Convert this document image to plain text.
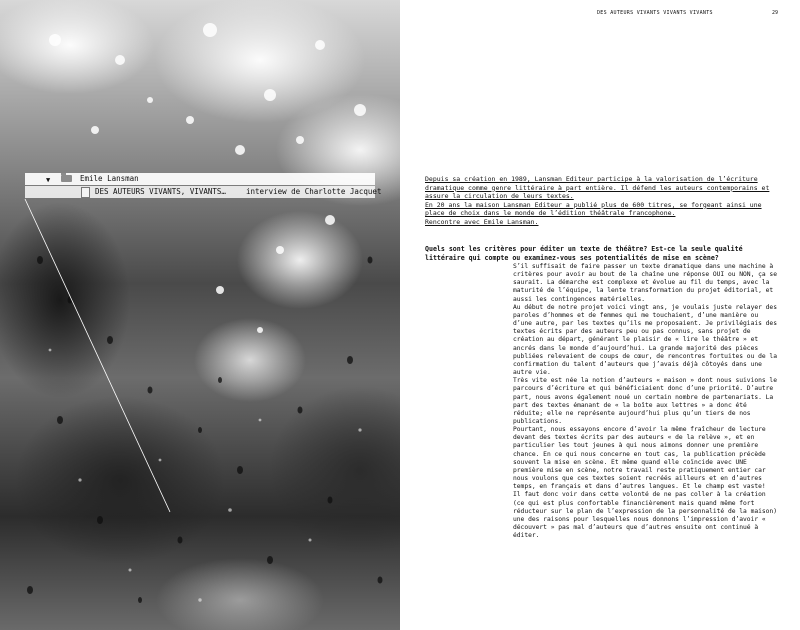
▼	Emile Lansman
DES AUTEURS VIVANTS, VIVANTS…	interview de Charlotte Jacquet
DES AUTEURS VIVANTS VIVANTS VIVANTS	29

Depuis sa création en 1989, Lansman Editeur participe à la valorisation de l’écriture dramatique comme genre littéraire à part entière. Il défend les auteurs contemporains et assure la circulation de leurs textes.

En 20 ans la maison Lansman Editeur a publié plus de 600 titres, se forgeant ainsi une place de choix dans le monde de l’édition théâtrale francophone.

Rencontre avec Emile Lansman.

Quels sont les critères pour éditer un texte de théâtre? Est-ce la seule qualité littéraire qui compte ou examinez-vous ses potentialités de mise en scène?

S’il suffisait de faire passer un texte dramatique dans une machine à critères pour avoir au bout de la chaîne une réponse OUI ou NON, ça se saurait. La démarche est complexe et évolue au fil du temps, avec la maturité de l’équipe, la lente transformation du projet éditorial, et aussi les contingences matérielles.

Au début de notre projet voici vingt ans, je voulais juste relayer des paroles d’hommes et de femmes qui me touchaient, d’une manière ou d’une autre, par les textes qu’ils me proposaient. Je privilégiais des textes écrits par des auteurs peu ou pas connus, sans projet de création au départ, générant le plaisir de « lire le théâtre » et ancrés dans le monde d’aujourd’hui. La grande majorité des pièces publiées relevaient de coups de cœur, de rencontres fortuites ou de la confirmation du talent d’auteurs que j’avais déjà côtoyés dans une autre vie.

Très vite est née la notion d’auteurs « maison » dont nous suivions le parcours d’écriture et qui bénéficiaient donc d’une priorité. D’autre part, nous avons également noué un certain nombre de partenariats. La part des textes émanant de « la boîte aux lettres » a donc été réduite; elle ne représente aujourd’hui plus qu’un tiers de nos publications.

Pourtant, nous essayons encore d’avoir la même fraîcheur de lecture devant des textes écrits par des auteurs « de la relève », et en particulier les tout jeunes à qui nous aimons donner une première chance. En ce qui nous concerne en tout cas, la publication précède souvent la mise en scène. Et même quand elle coïncide avec UNE première mise en scène, notre travail reste pratiquement entier car nous voulons que ces textes soient recréés ailleurs et en d’autres temps, en français et dans d’autres langues. Et le champ est vaste!

Il faut donc voir dans cette volonté de ne pas coller à la création (ce qui est plus confortable financièrement mais quand même fort réducteur sur le plan de l’expression de la personnalité de la maison) une des raisons pour lesquelles nous donnons l’impression d’avoir « découvert » pas mal d’auteurs que d’autres ensuite ont continué à éditer.
